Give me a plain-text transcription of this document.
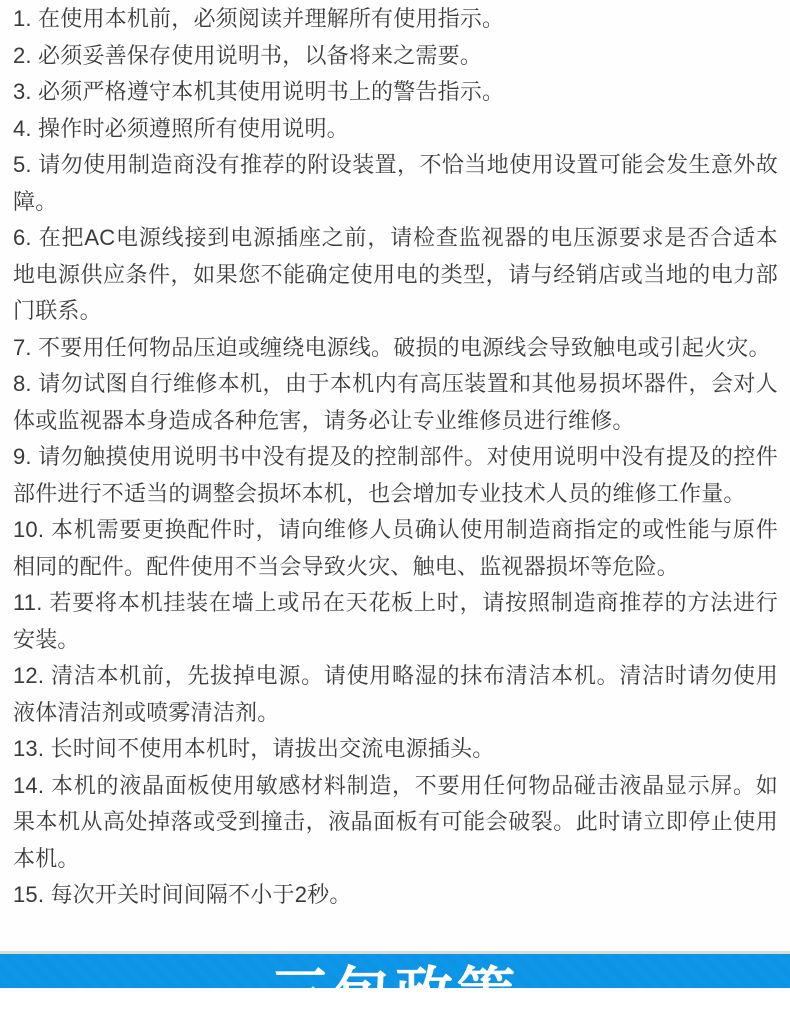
1. 在使用本机前，必须阅读并理解所有使用指示。

2. 必须妥善保存使用说明书，以备将来之需要。

3. 必须严格遵守本机其使用说明书上的警告指示。

4. 操作时必须遵照所有使用说明。

5. 请勿使用制造商没有推荐的附设装置，不恰当地使用设置可能会发生意外故障。

6. 在把AC电源线接到电源插座之前，请检查监视器的电压源要求是否合适本地电源供应条件，如果您不能确定使用电的类型，请与经销店或当地的电力部门联系。

7. 不要用任何物品压迫或缠绕电源线。破损的电源线会导致触电或引起火灾。

8. 请勿试图自行维修本机，由于本机内有高压装置和其他易损坏器件，会对人体或监视器本身造成各种危害，请务必让专业维修员进行维修。

9. 请勿触摸使用说明书中没有提及的控制部件。对使用说明中没有提及的控件部件进行不适当的调整会损坏本机，也会增加专业技术人员的维修工作量。

10. 本机需要更换配件时，请向维修人员确认使用制造商指定的或性能与原件相同的配件。配件使用不当会导致火灾、触电、监视器损坏等危险。

11. 若要将本机挂装在墙上或吊在天花板上时，请按照制造商推荐的方法进行安装。

12. 清洁本机前，先拔掉电源。请使用略湿的抹布清洁本机。清洁时请勿使用液体清洁剂或喷雾清洁剂。

13. 长时间不使用本机时，请拔出交流电源插头。

14. 本机的液晶面板使用敏感材料制造，不要用任何物品碰击液晶显示屏。如果本机从高处掉落或受到撞击，液晶面板有可能会破裂。此时请立即停止使用本机。

15. 每次开关时间间隔不小于2秒。

三包政策
